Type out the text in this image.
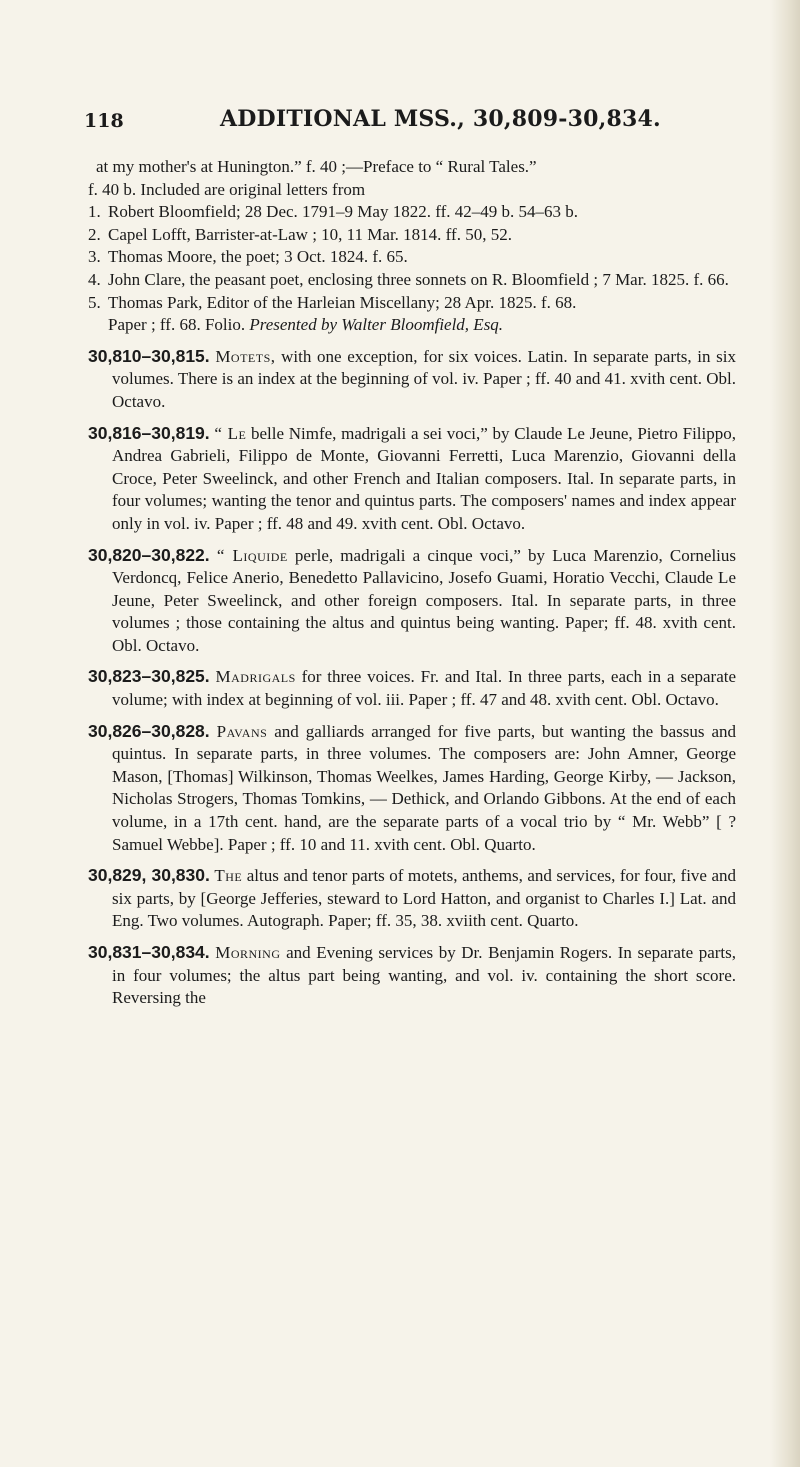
118	ADDITIONAL MSS., 30,809-30,834.
at my mother's at Hunington.” f. 40 ;—Preface to “ Rural Tales.”
f. 40 b. Included are original letters from
1. Robert Bloomfield; 28 Dec. 1791–9 May 1822. ff. 42–49 b. 54–63 b.
2. Capel Lofft, Barrister-at-Law ; 10, 11 Mar. 1814. ff. 50, 52.
3. Thomas Moore, the poet; 3 Oct. 1824. f. 65.
4. John Clare, the peasant poet, enclosing three sonnets on R. Bloomfield ; 7 Mar. 1825. f. 66.
5. Thomas Park, Editor of the Harleian Miscellany; 28 Apr. 1825. f. 68.
Paper ; ff. 68. Folio. Presented by Walter Bloomfield, Esq.
30,810–30,815. Motets, with one exception, for six voices. Latin. In separate parts, in six volumes. There is an index at the beginning of vol. iv. Paper ; ff. 40 and 41. xvith cent. Obl. Octavo.
30,816–30,819. “ Le belle Nimfe, madrigali a sei voci,” by Claude Le Jeune, Pietro Filippo, Andrea Gabrieli, Filippo de Monte, Giovanni Ferretti, Luca Marenzio, Giovanni della Croce, Peter Sweelinck, and other French and Italian composers. Ital. In separate parts, in four volumes; wanting the tenor and quintus parts. The composers' names and index appear only in vol. iv. Paper ; ff. 48 and 49. xvith cent. Obl. Octavo.
30,820–30,822. “ Liquide perle, madrigali a cinque voci,” by Luca Marenzio, Cornelius Verdoncq, Felice Anerio, Benedetto Pallavicino, Josefo Guami, Horatio Vecchi, Claude Le Jeune, Peter Sweelinck, and other foreign composers. Ital. In separate parts, in three volumes ; those containing the altus and quintus being wanting. Paper; ff. 48. xvith cent. Obl. Octavo.
30,823–30,825. Madrigals for three voices. Fr. and Ital. In three parts, each in a separate volume; with index at beginning of vol. iii. Paper ; ff. 47 and 48. xvith cent. Obl. Octavo.
30,826–30,828. Pavans and galliards arranged for five parts, but wanting the bassus and quintus. In separate parts, in three volumes. The composers are: John Amner, George Mason, [Thomas] Wilkinson, Thomas Weelkes, James Harding, George Kirby, — Jackson, Nicholas Strogers, Thomas Tomkins, — Dethick, and Orlando Gibbons. At the end of each volume, in a 17th cent. hand, are the separate parts of a vocal trio by “ Mr. Webb” [ ? Samuel Webbe]. Paper ; ff. 10 and 11. xvith cent. Obl. Quarto.
30,829, 30,830. The altus and tenor parts of motets, anthems, and services, for four, five and six parts, by [George Jefferies, steward to Lord Hatton, and organist to Charles I.] Lat. and Eng. Two volumes. Autograph. Paper; ff. 35, 38. xviith cent. Quarto.
30,831–30,834. Morning and Evening services by Dr. Benjamin Rogers. In separate parts, in four volumes; the altus part being wanting, and vol. iv. containing the short score. Reversing the
